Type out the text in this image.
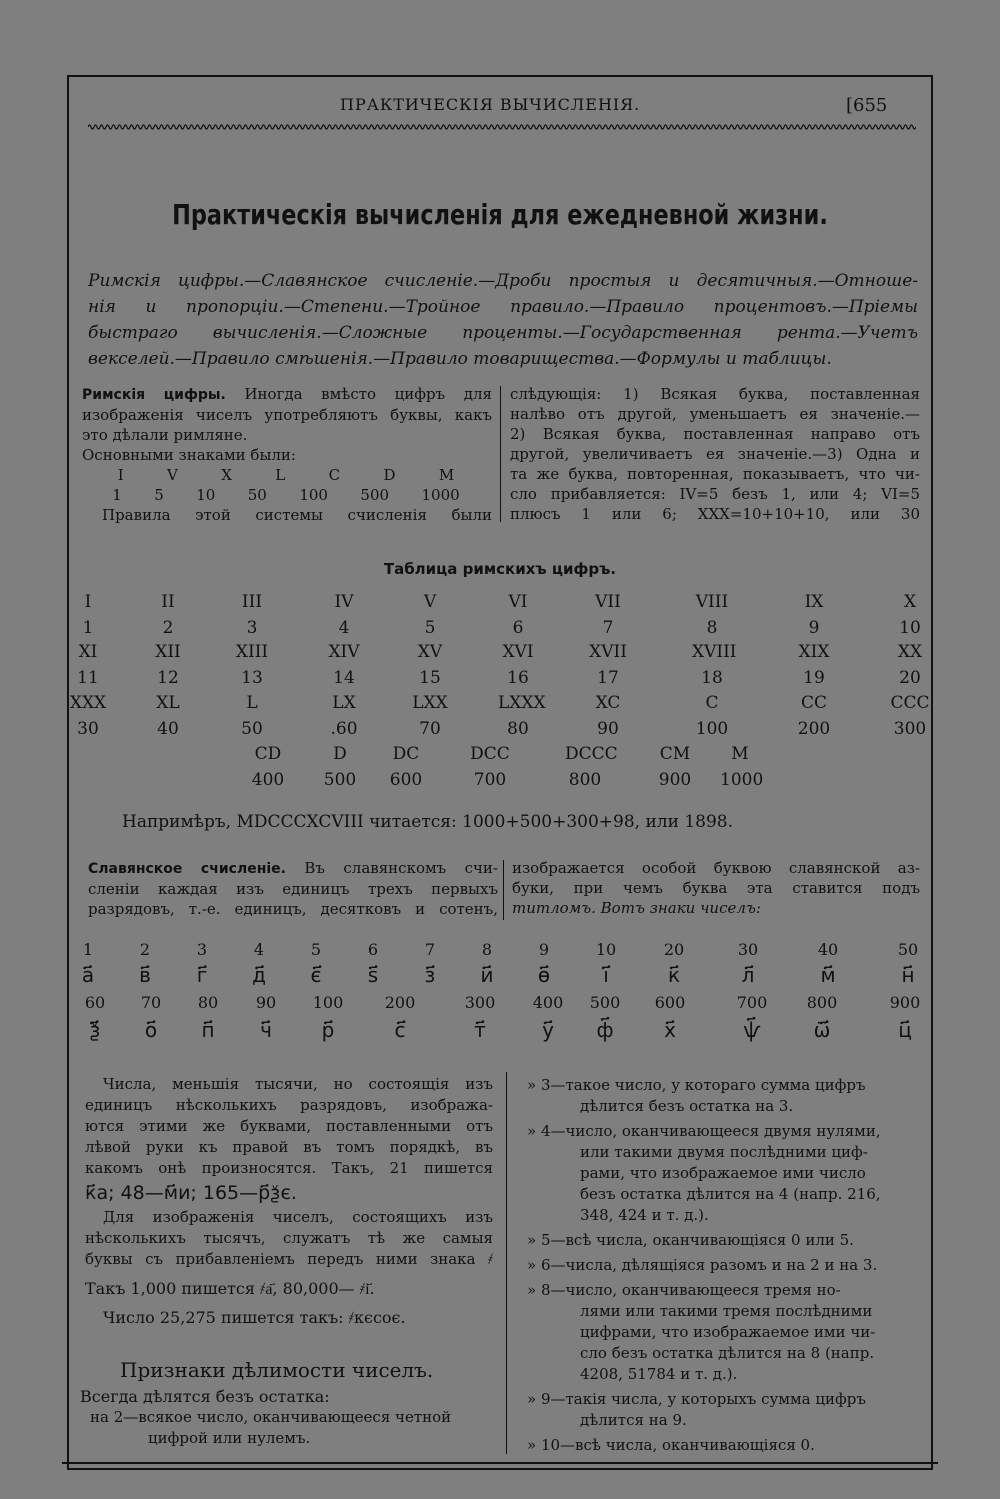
ПРАКТИЧЕСКІЯ ВЫЧИСЛЕНІЯ.	[655
Практическія вычисленія для ежедневной жизни.

Римскія цифры.—Славянское счисленіе.—Дроби простыя и десятичныя.—Отноше-

нія и пропорціи.—Степени.—Тройное правило.—Правило процентовъ.—Пріемы

быстраго вычисленія.—Сложные проценты.—Государственная рента.—Учетъ

векселей.—Правило смѣшенія.—Правило товарищества.—Формулы и таблицы.

Римскія цифры. Иногда вмѣсто цифръ для
изображенія чиселъ употребляютъ буквы, какъ
это дѣлали римляне.
Основными знаками были:
I	V	X	L	C	D	M
1 5 10 50 100 500 1000
Правила этой системы счисленія были
слѣдующія: 1) Всякая буква, поставленная
налѣво отъ другой, уменьшаетъ ея значеніе.—
2) Всякая буква, поставленная направо отъ
другой, увеличиваетъ ея значеніе.—3) Одна и
та же буква, повторенная, показываетъ, что чи-
сло прибавляется: IV=5 безъ 1, или 4; VI=5
плюсъ 1 или 6; XXX=10+10+10, или 30
Таблица римскихъ цифръ.
I	II	III	IV	V	VI	VII	VIII	IX	X
1	2	3	4	5	6	7	8	9	10
XI	XII	XIII	XIV	XV	XVI	XVII	XVIII	XIX	XX
11	12	13	14	15	16	17	18	19	20
XXX	XL	L	LX	LXX	LXXX	XC	C	CC	CCC
30	40	50	.60	70	80	90	100	200	300
CD	D	DC	DCC	DCCC CM	M
400 500 600	700	800	900 1000
Напримѣръ, MDCCCXCVIII читается: 1000+500+300+98, или 1898.
Славянское счисленіе. Въ славянскомъ счи-
сленіи каждая изъ единицъ трехъ первыхъ
разрядовъ, т.-е. единицъ, десятковъ и сотенъ,
изображается особой буквою славянской аз-
буки, при чемъ буква эта ставится подъ
титломъ. Вотъ знаки чиселъ:
1	2	3	4	5	6	7	8	9	10	20	30	40	50
а҃	в҃	г҃	д҃	є҃	ѕ҃	з҃	и҃	ѳ҃	і҃	к҃	л҃	м҃	н҃
60	70	80	90	100	200	300	400	500	600	700	800	900
ѯ҃	о҃	п҃	ч҃	р҃	с҃	т҃	у҃	ф҃	х҃	ѱ҃	ѿ҃	ц҃
Числа, меньшія тысячи, но состоящія изъ
единицъ нѣсколькихъ разрядовъ, изобража-
ются этими же буквами, поставленными отъ
лѣвой руки къ правой въ томъ порядкѣ, въ
какомъ онѣ произносятся. Такъ, 21 пишется
к҃а; 48—м҃и; 165—р҃ѯє.
Для изображенія чиселъ, состоящихъ изъ
нѣсколькихъ тысячъ, служатъ тѣ же самыя
буквы съ прибавленіемъ передъ ними знака ҂
Такъ 1,000 пишется ҂а҃, 80,000— ҂і҃.
Число 25,275 пишется такъ: ҂кєсоє.
Признаки дѣлимости чиселъ.
Всегда дѣлятся безъ остатка:
на 2—всякое число, оканчивающееся четной
цифрой или нулемъ.
» 3—такое число, у котораго сумма цифръ
дѣлится безъ остатка на 3.
» 4—число, оканчивающееся двумя нулями,
или такими двумя послѣдними циф-
рами, что изображаемое ими число
безъ остатка дѣлится на 4 (напр. 216,
348, 424 и т. д.).
» 5—всѣ числа, оканчивающіяся 0 или 5.
» 6—числа, дѣлящіяся разомъ и на 2 и на 3.
» 8—число, оканчивающееся тремя но-
лями или такими тремя послѣдними
цифрами, что изображаемое ими чи-
сло безъ остатка дѣлится на 8 (напр.
4208, 51784 и т. д.).
» 9—такія числа, у которыхъ сумма цифръ
дѣлится на 9.
» 10—всѣ числа, оканчивающіяся 0.
